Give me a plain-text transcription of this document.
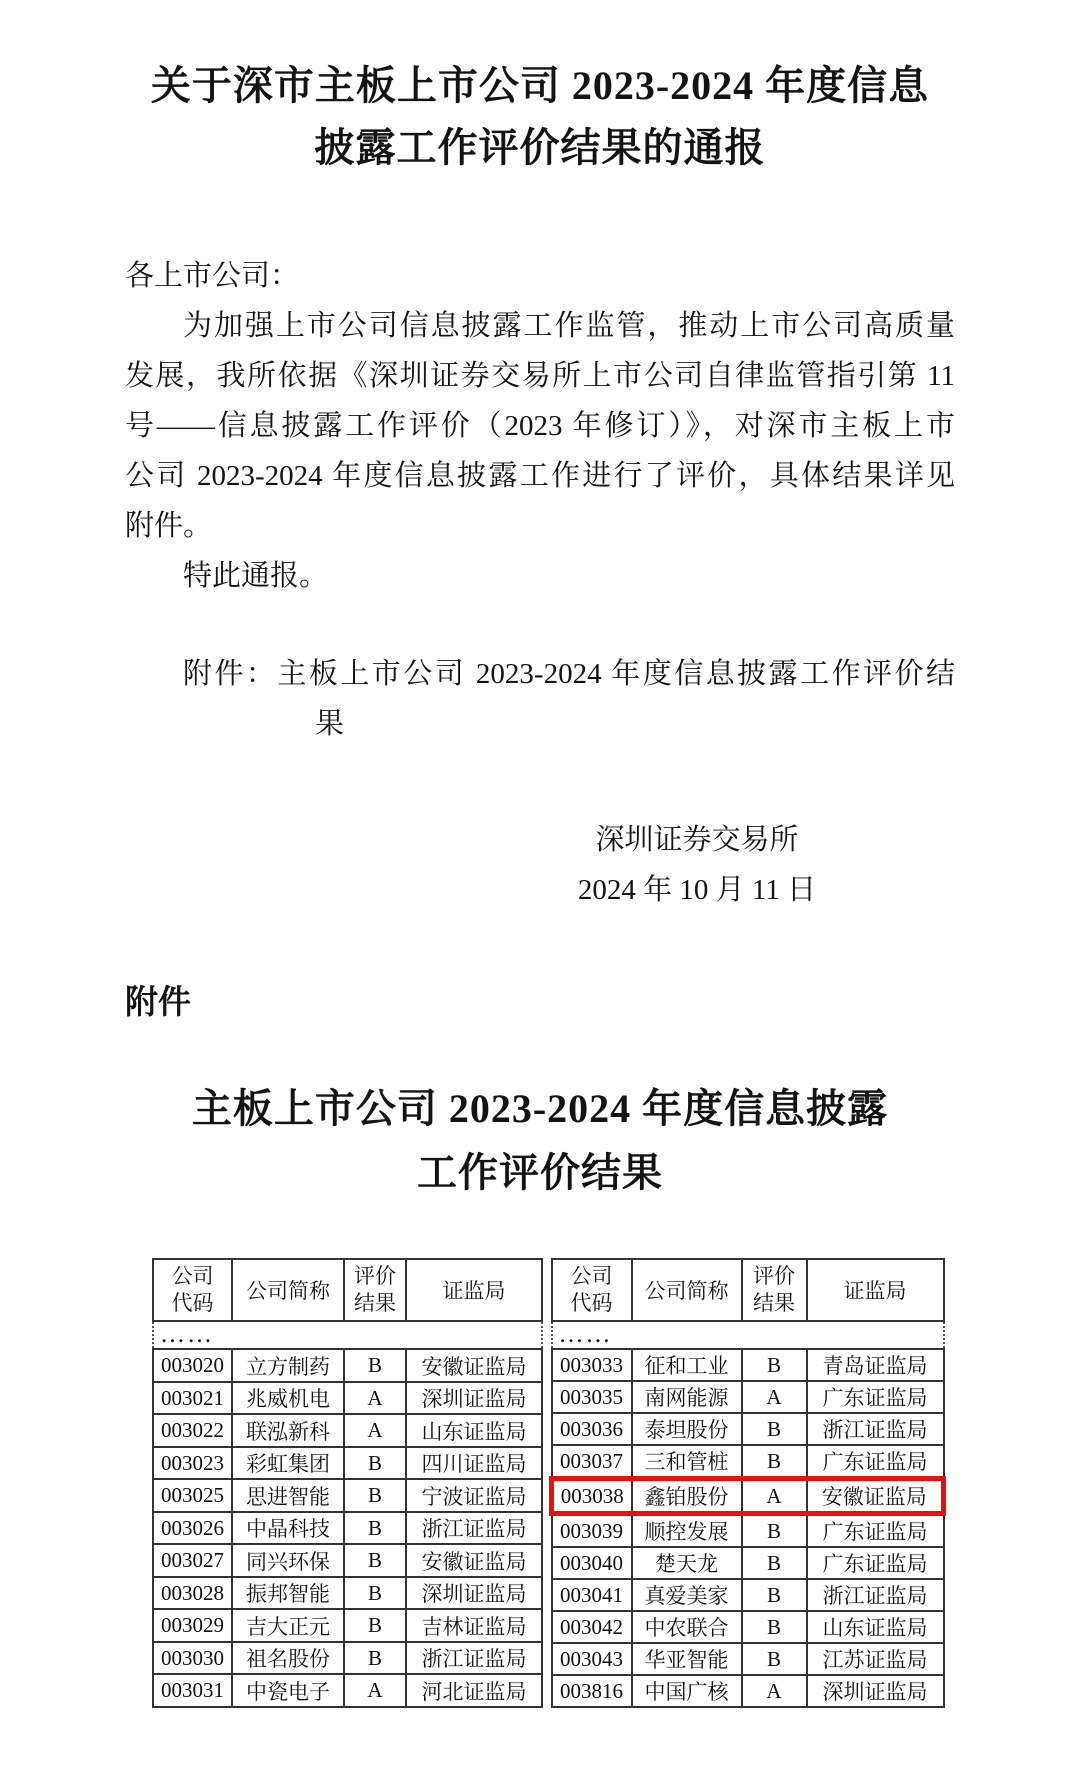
关于深市主板上市公司 2023-2024 年度信息
披露工作评价结果的通报
各上市公司：
为加强上市公司信息披露工作监管，推动上市公司高质量
发展，我所依据《深圳证券交易所上市公司自律监管指引第 11
号——信息披露工作评价（2023 年修订）》，对深市主板上市
公司 2023-2024 年度信息披露工作进行了评价，具体结果详见
附件。
特此通报。
附件：主板上市公司 2023-2024 年度信息披露工作评价结
果
深圳证券交易所
2024 年 10 月 11 日
附件
主板上市公司 2023-2024 年度信息披露
工作评价结果
公司
代码	公司简称	
评价
结果	证监局
……			
003020	立方制药	B	安徽证监局
003021	兆威机电	A	深圳证监局
003022	联泓新科	A	山东证监局
003023	彩虹集团	B	四川证监局
003025	思进智能	B	宁波证监局
003026	中晶科技	B	浙江证监局
003027	同兴环保	B	安徽证监局
003028	振邦智能	B	深圳证监局
003029	吉大正元	B	吉林证监局
003030	祖名股份	B	浙江证监局
003031	中瓷电子	A	河北证监局
公司
代码	公司简称	
评价
结果	证监局
……			
003033	征和工业	B	青岛证监局
003035	南网能源	A	广东证监局
003036	泰坦股份	B	浙江证监局
003037	三和管桩	B	广东证监局
003038	鑫铂股份	A	安徽证监局
003039	顺控发展	B	广东证监局
003040	楚天龙	B	广东证监局
003041	真爱美家	B	浙江证监局
003042	中农联合	B	山东证监局
003043	华亚智能	B	江苏证监局
003816	中国广核	A	深圳证监局
